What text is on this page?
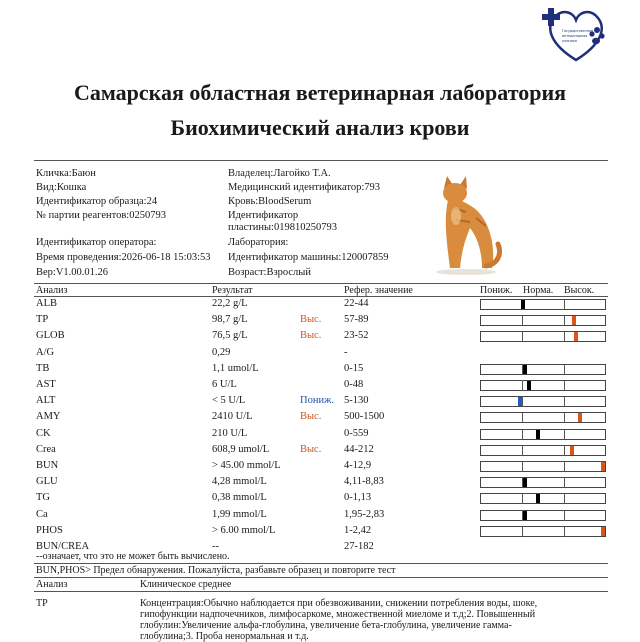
Государственная
ветеринарная
клиника
Самарская областная ветеринарная лаборатория
Биохимический анализ крови
Кличка:Баюн
Вид:Кошка
Идентификатор образца:24
№ партии реагентов:0250793
Идентификатор оператора:
Время проведения:2026-06-18 15:03:53
Вер:V1.00.01.26
Владелец:Лагойко Т.А.
Медицинский идентификатор:793
Кровь:BloodSerum
Идентификатор
пластины:019810250793
Лаборатория:
Идентификатор машины:120007859
Возраст:Взрослый
Анализ	Результат	Рефер. значение	Пониж. Норма. Высок.
ALB	22,2 g/L	22-44
TP	98,7 g/L	Выс. 57-89
GLOB	76,5 g/L	Выс. 23-52
A/G	0,29	-
TB	1,1 umol/L	0-15
AST	6 U/L	0-48
ALT	< 5 U/L	Пониж. 5-130
AMY	2410 U/L	Выс. 500-1500
CK	210 U/L	0-559
Crea	608,9 umol/L	Выс. 44-212
BUN	> 45.00 mmol/L	4-12,9
GLU	4,28 mmol/L	4,11-8,83
TG	0,38 mmol/L	0-1,13
Ca	1,99 mmol/L	1,95-2,83
PHOS	> 6.00 mmol/L	1-2,42
BUN/CREA	--	27-182
--означает, что это не может быть вычислено.
BUN,PHOS> Предел обнаружения. Пожалуйста, разбавьте образец и повторите тест
Анализ	Клиническое среднее
TP	Концентрация:Обычно наблюдается при обезвоживании, снижении потребления воды, шоке,
гипофункции надпочечников, лимфосаркоме, множественной миеломе и т.д;2. Повышенный
глобулин:Увеличение альфа-глобулина, увеличение бета-глобулина, увеличение гамма-
глобулина;3. Проба ненормальная и т.д.
